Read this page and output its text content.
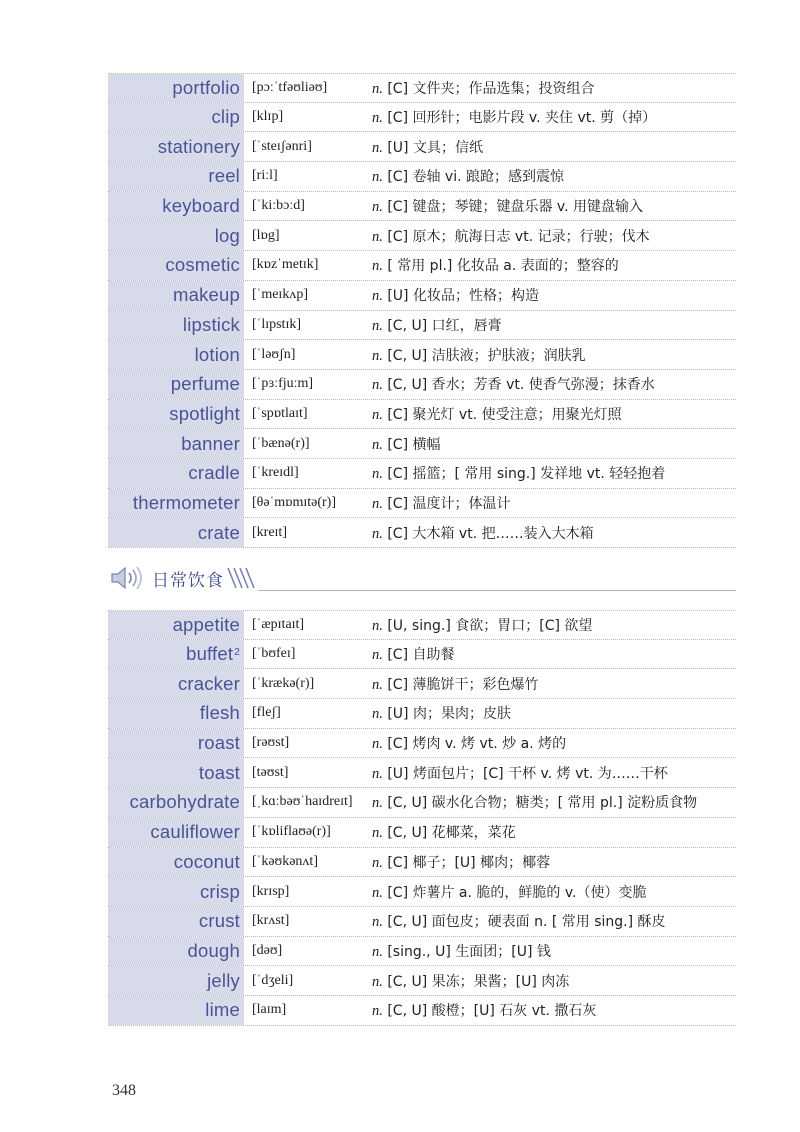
portfolio [pɔːˈtfəʊliəʊ]	n. [C] 文件夹；作品选集；投资组合
clip [klɪp]	n. [C] 回形针；电影片段 v. 夹住 vt. 剪（掉）
stationery [ˈsteɪʃənri]	n. [U] 文具；信纸
reel [riːl]	n. [C] 卷轴 vi. 踉跄；感到震惊
keyboard [ˈkiːbɔːd]	n. [C] 键盘；琴键；键盘乐器 v. 用键盘输入
log [lɒg]	n. [C] 原木；航海日志 vt. 记录；行驶；伐木
cosmetic [kɒzˈmetɪk]	n. [ 常用 pl.] 化妆品 a. 表面的；整容的
makeup [ˈmeɪkʌp]	n. [U] 化妆品；性格；构造
lipstick [ˈlɪpstɪk]	n. [C, U] 口红，唇膏
lotion [ˈləʊʃn]	n. [C, U] 洁肤液；护肤液；润肤乳
perfume [ˈpɜːfjuːm]	n. [C, U] 香水；芳香 vt. 使香气弥漫；抹香水
spotlight [ˈspɒtlaɪt]	n. [C] 聚光灯 vt. 使受注意；用聚光灯照
banner [ˈbænə(r)]	n. [C] 横幅
cradle [ˈkreɪdl]	n. [C] 摇篮；[ 常用 sing.] 发祥地 vt. 轻轻抱着
thermometer [θəˈmɒmɪtə(r)]	n. [C] 温度计；体温计
crate [kreɪt]	n. [C] 大木箱 vt. 把……装入大木箱
日常饮食
appetite [ˈæpɪtaɪt]	n. [U, sing.] 食欲；胃口；[C] 欲望
buffet$^2$ [ˈbʊfeɪ]	n. [C] 自助餐
cracker [ˈkrækə(r)]	n. [C] 薄脆饼干；彩色爆竹
flesh [fleʃ]	n. [U] 肉；果肉；皮肤
roast [rəʊst]	n. [C] 烤肉 v. 烤 vt. 炒 a. 烤的
toast [təʊst]	n. [U] 烤面包片；[C] 干杯 v. 烤 vt. 为……干杯
carbohydrate [ˌkɑːbəʊˈhaɪdreɪt]	n. [C, U] 碳水化合物；糖类；[ 常用 pl.] 淀粉质食物
cauliflower [ˈkɒliflaʊə(r)]	n. [C, U] 花椰菜，菜花
coconut [ˈkəʊkənʌt]	n. [C] 椰子；[U] 椰肉；椰蓉
crisp [krɪsp]	n. [C] 炸薯片 a. 脆的，鲜脆的 v.（使）变脆
crust [krʌst]	n. [C, U] 面包皮；硬表面 n. [ 常用 sing.] 酥皮
dough [dəʊ]	n. [sing., U] 生面团；[U] 钱
jelly [ˈdʒeli]	n. [C, U] 果冻；果酱；[U] 肉冻
lime [laɪm]	n. [C, U] 酸橙；[U] 石灰 vt. 撒石灰
348
